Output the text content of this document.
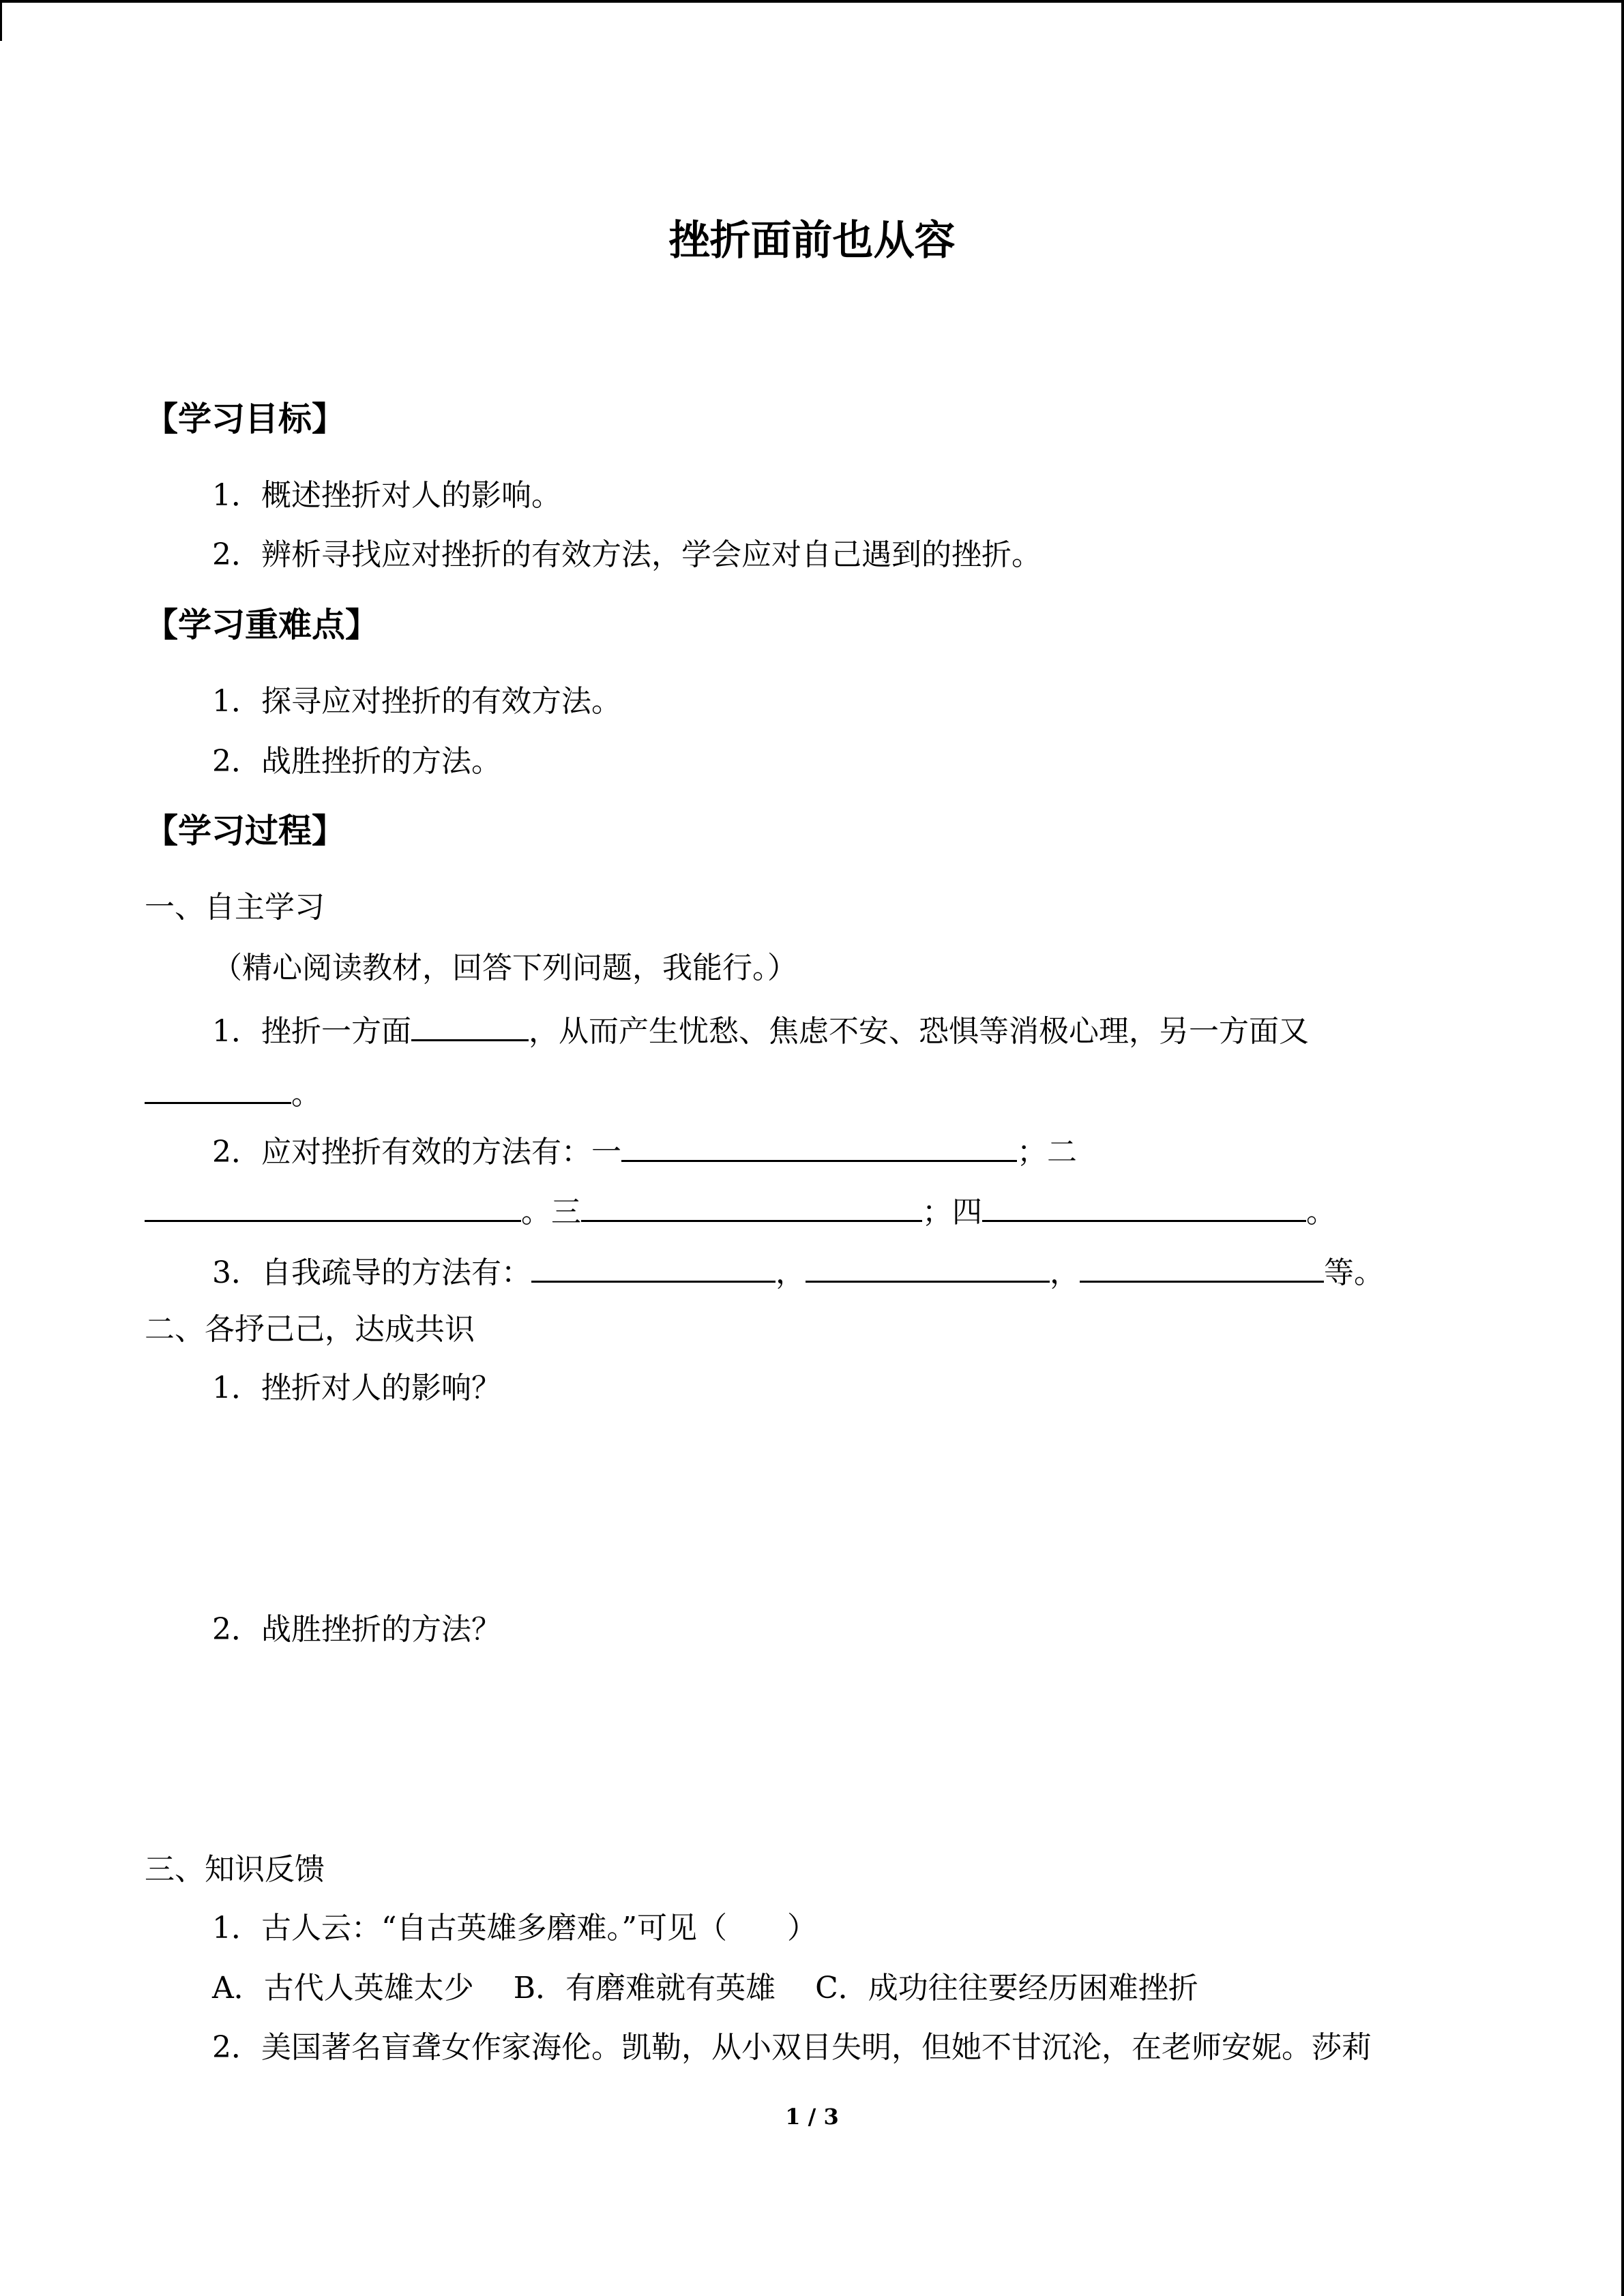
挫折面前也从容
【学习目标】
1．概述挫折对人的影响。
2．辨析寻找应对挫折的有效方法，学会应对自己遇到的挫折。
【学习重难点】
1．探寻应对挫折的有效方法。
2．战胜挫折的方法。
【学习过程】
一、自主学习
（精心阅读教材，回答下列问题，我能行。）
1．挫折一方面	，从而产生忧愁、焦虑不安、恐惧等消极心理，另一方面又
。
2．应对挫折有效的方法有：一	；二
。三	；四	。
3．自我疏导的方法有：	，	，	等。
二、各抒己己，达成共识
1．挫折对人的影响？
2．战胜挫折的方法？
三、知识反馈
1．古人云：“自古英雄多磨难。”可见（　　）
A．古代人英雄太少　 B．有磨难就有英雄　 C．成功往往要经历困难挫折
2．美国著名盲聋女作家海伦。凯勒，从小双目失明，但她不甘沉沦，在老师安妮。莎莉
1 / 3
